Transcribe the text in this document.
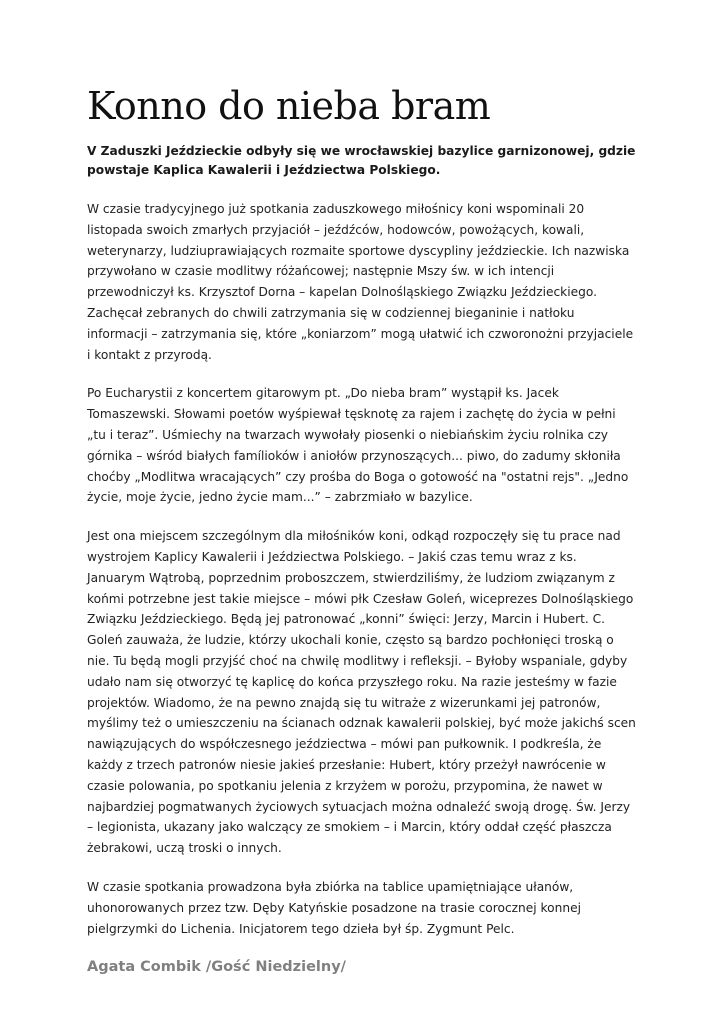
Konno do nieba bram

V Zaduszki Jeździeckie odbyły się we wrocławskiej bazylice garnizonowej, gdzie powstaje Kaplica Kawalerii i Jeździectwa Polskiego.

W czasie tradycyjnego już spotkania zaduszkowego miłośnicy koni wspominali 20 listopada swoich zmarłych przyjaciół – jeźdźców, hodowców, powożących, kowali, weterynarzy, ludziuprawiających rozmaite sportowe dyscypliny jeździeckie. Ich nazwiska przywołano w czasie modlitwy różańcowej; następnie Mszy św. w ich intencji przewodniczył ks. Krzysztof Dorna – kapelan Dolnośląskiego Związku Jeździeckiego. Zachęcał zebranych do chwili zatrzymania się w codziennej bieganinie i natłoku informacji – zatrzymania się, które „koniarzom” mogą ułatwić ich czworonożni przyjaciele i kontakt z przyrodą.

Po Eucharystii z koncertem gitarowym pt. „Do nieba bram” wystąpił ks. Jacek Tomaszewski. Słowami poetów wyśpiewał tęsknotę za rajem i zachętę do życia w pełni „tu i teraz”. Uśmiechy na twarzach wywołały piosenki o niebiańskim życiu rolnika czy górnika – wśród białych famílioków i aniołów przynoszących... piwo, do zadumy skłoniła choćby „Modlitwa wracających” czy prośba do Boga o gotowość na "ostatni rejs". „Jedno życie, moje życie, jedno życie mam...” – zabrzmiało w bazylice.

Jest ona miejscem szczególnym dla miłośników koni, odkąd rozpoczęły się tu prace nad wystrojem Kaplicy Kawalerii i Jeździectwa Polskiego. – Jakiś czas temu wraz z ks. Januarym Wątrobą, poprzednim proboszczem, stwierdziliśmy, że ludziom związanym z końmi potrzebne jest takie miejsce – mówi płk Czesław Goleń, wiceprezes Dolnośląskiego Związku Jeździeckiego. Będą jej patronować „konni” święci: Jerzy, Marcin i Hubert. C. Goleń zauważa, że ludzie, którzy ukochali konie, często są bardzo pochłonięci troską o nie. Tu będą mogli przyjść choć na chwilę modlitwy i refleksji. – Byłoby wspaniale, gdyby udało nam się otworzyć tę kaplicę do końca przyszłego roku. Na razie jesteśmy w fazie projektów. Wiadomo, że na pewno znajdą się tu witraże z wizerunkami jej patronów, myślimy też o umieszczeniu na ścianach odznak kawalerii polskiej, być może jakichś scen nawiązujących do współczesnego jeździectwa – mówi pan pułkownik. I podkreśla, że każdy z trzech patronów niesie jakieś przesłanie: Hubert, który przeżył nawrócenie w czasie polowania, po spotkaniu jelenia z krzyżem w porożu, przypomina, że nawet w najbardziej pogmatwanych życiowych sytuacjach można odnaleźć swoją drogę. Św. Jerzy – legionista, ukazany jako walczący ze smokiem – i Marcin, który oddał część płaszcza żebrakowi, uczą troski o innych.

W czasie spotkania prowadzona była zbiórka na tablice upamiętniające ułanów, uhonorowanych przez tzw. Dęby Katyńskie posadzone na trasie corocznej konnej pielgrzymki do Lichenia. Inicjatorem tego dzieła był śp. Zygmunt Pelc.

Agata Combik /Gość Niedzielny/
